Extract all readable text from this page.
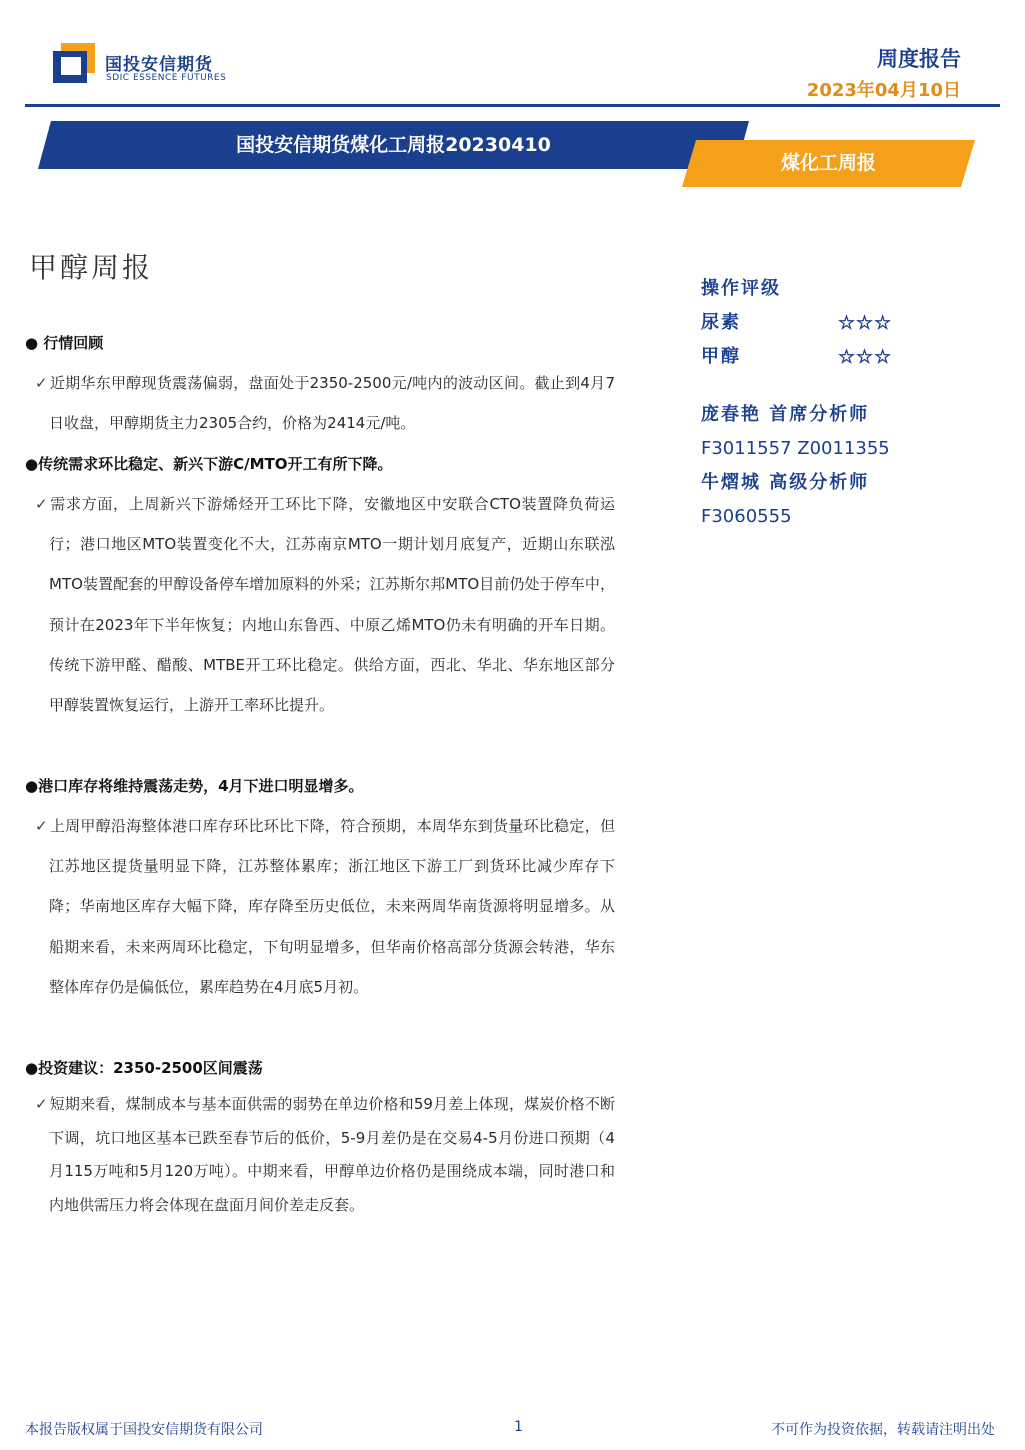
国投安信期货
SDIC ESSENCE FUTURES
周度报告
2023年04月10日
国投安信期货煤化工周报20230410
煤化工周报
甲醇周报

● 行情回顾

✓ 近期华东甲醇现货震荡偏弱，盘面处于2350-2500元/吨内的波动区间。截止到4月7日收盘，甲醇期货主力2305合约，价格为2414元/吨。

●传统需求环比稳定、新兴下游C/MTO开工有所下降。

✓ 需求方面，上周新兴下游烯烃开工环比下降，安徽地区中安联合CTO装置降负荷运行；港口地区MTO装置变化不大，江苏南京MTO一期计划月底复产，近期山东联泓MTO装置配套的甲醇设备停车增加原料的外采；江苏斯尔邦MTO目前仍处于停车中，预计在2023年下半年恢复；内地山东鲁西、中原乙烯MTO仍未有明确的开车日期。传统下游甲醛、醋酸、MTBE开工环比稳定。供给方面，西北、华北、华东地区部分甲醇装置恢复运行，上游开工率环比提升。

●港口库存将维持震荡走势，4月下进口明显增多。

✓ 上周甲醇沿海整体港口库存环比环比下降，符合预期，本周华东到货量环比稳定，但江苏地区提货量明显下降，江苏整体累库；浙江地区下游工厂到货环比减少库存下降；华南地区库存大幅下降，库存降至历史低位，未来两周华南货源将明显增多。从船期来看，未来两周环比稳定，下旬明显增多，但华南价格高部分货源会转港，华东整体库存仍是偏低位，累库趋势在4月底5月初。

●投资建议：2350-2500区间震荡

✓ 短期来看，煤制成本与基本面供需的弱势在单边价格和59月差上体现，煤炭价格不断下调，坑口地区基本已跌至春节后的低价，5-9月差仍是在交易4-5月份进口预期（4月115万吨和5月120万吨）。中期来看，甲醇单边价格仍是围绕成本端，同时港口和内地供需压力将会体现在盘面月间价差走反套。

操作评级
尿素	☆☆☆
甲醇	☆☆☆
庞春艳 首席分析师
F3011557 Z0011355
牛熠城 高级分析师
F3060555
本报告版权属于国投安信期货有限公司	1	不可作为投资依据，转载请注明出处
